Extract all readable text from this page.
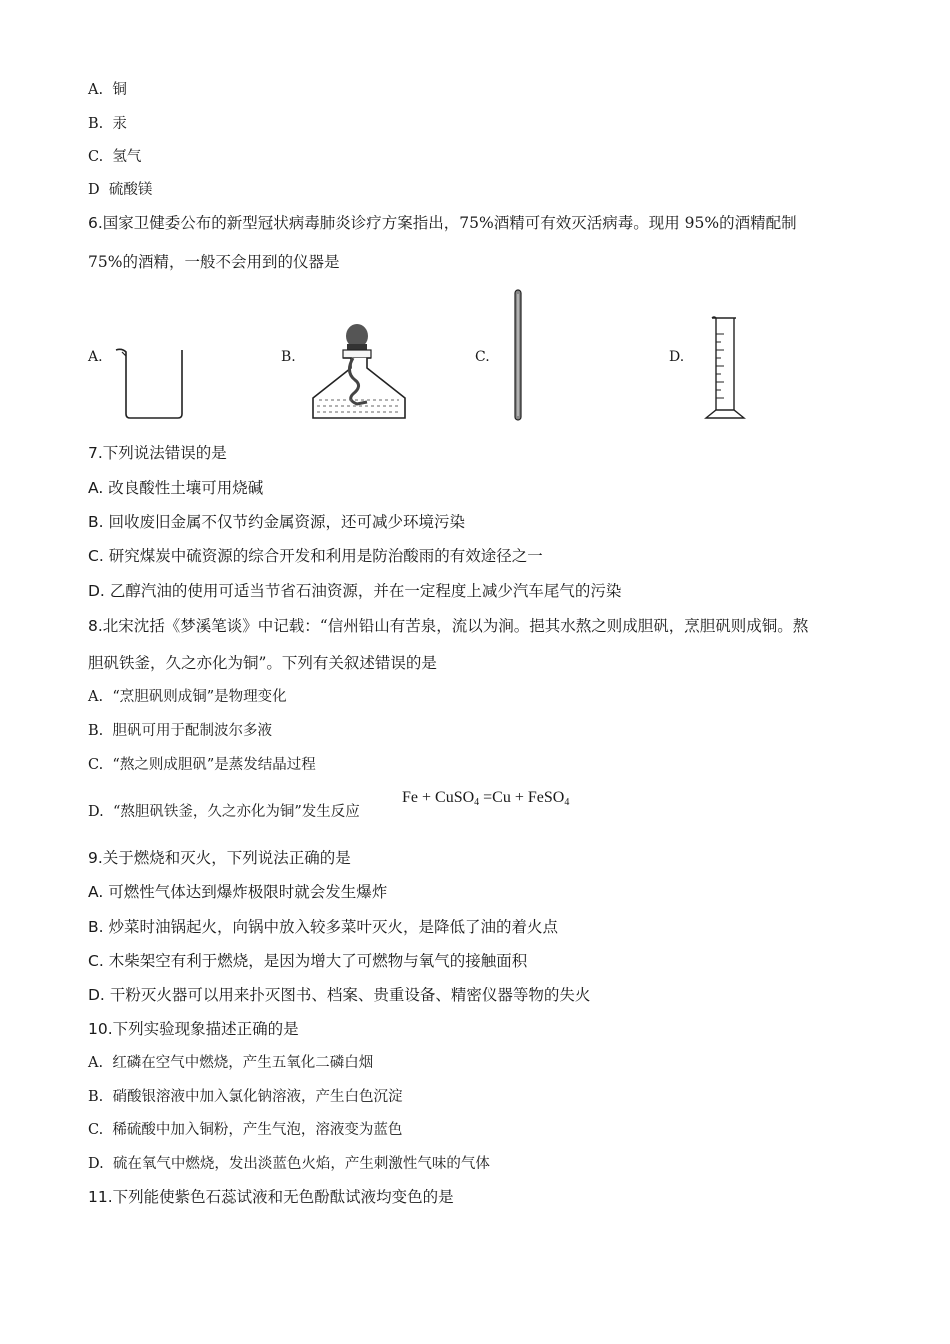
A. 铜
B. 汞
C. 氢气
D 硫酸镁
6.国家卫健委公布的新型冠状病毒肺炎诊疗方案指出，75%酒精可有效灭活病毒。现用 95%的酒精配制
75%的酒精，一般不会用到的仪器是
A.	B.	C.	D.
7.下列说法错误的是
A. 改良酸性土壤可用烧碱
B. 回收废旧金属不仅节约金属资源，还可减少环境污染
C. 研究煤炭中硫资源的综合开发和利用是防治酸雨的有效途径之一
D. 乙醇汽油的使用可适当节省石油资源，并在一定程度上减少汽车尾气的污染
8.北宋沈括《梦溪笔谈》中记载：“信州铅山有苦泉，流以为涧。挹其水熬之则成胆矾，烹胆矾则成铜。熬
胆矾铁釜，久之亦化为铜”。下列有关叙述错误的是
A. “烹胆矾则成铜”是物理变化
B. 胆矾可用于配制波尔多液
C. “熬之则成胆矾”是蒸发结晶过程
D. “熬胆矾铁釜，久之亦化为铜”发生反应
Fe + CuSO$_4$ =Cu + FeSO$_4$
9.关于燃烧和灭火，下列说法正确的是
A. 可燃性气体达到爆炸极限时就会发生爆炸
B. 炒菜时油锅起火，向锅中放入较多菜叶灭火，是降低了油的着火点
C. 木柴架空有利于燃烧，是因为增大了可燃物与氧气的接触面积
D. 干粉灭火器可以用来扑灭图书、档案、贵重设备、精密仪器等物的失火
10.下列实验现象描述正确的是
A. 红磷在空气中燃烧，产生五氧化二磷白烟
B. 硝酸银溶液中加入氯化钠溶液，产生白色沉淀
C. 稀硫酸中加入铜粉，产生气泡，溶液变为蓝色
D. 硫在氧气中燃烧，发出淡蓝色火焰，产生刺激性气味的气体
11.下列能使紫色石蕊试液和无色酚酞试液均变色的是
